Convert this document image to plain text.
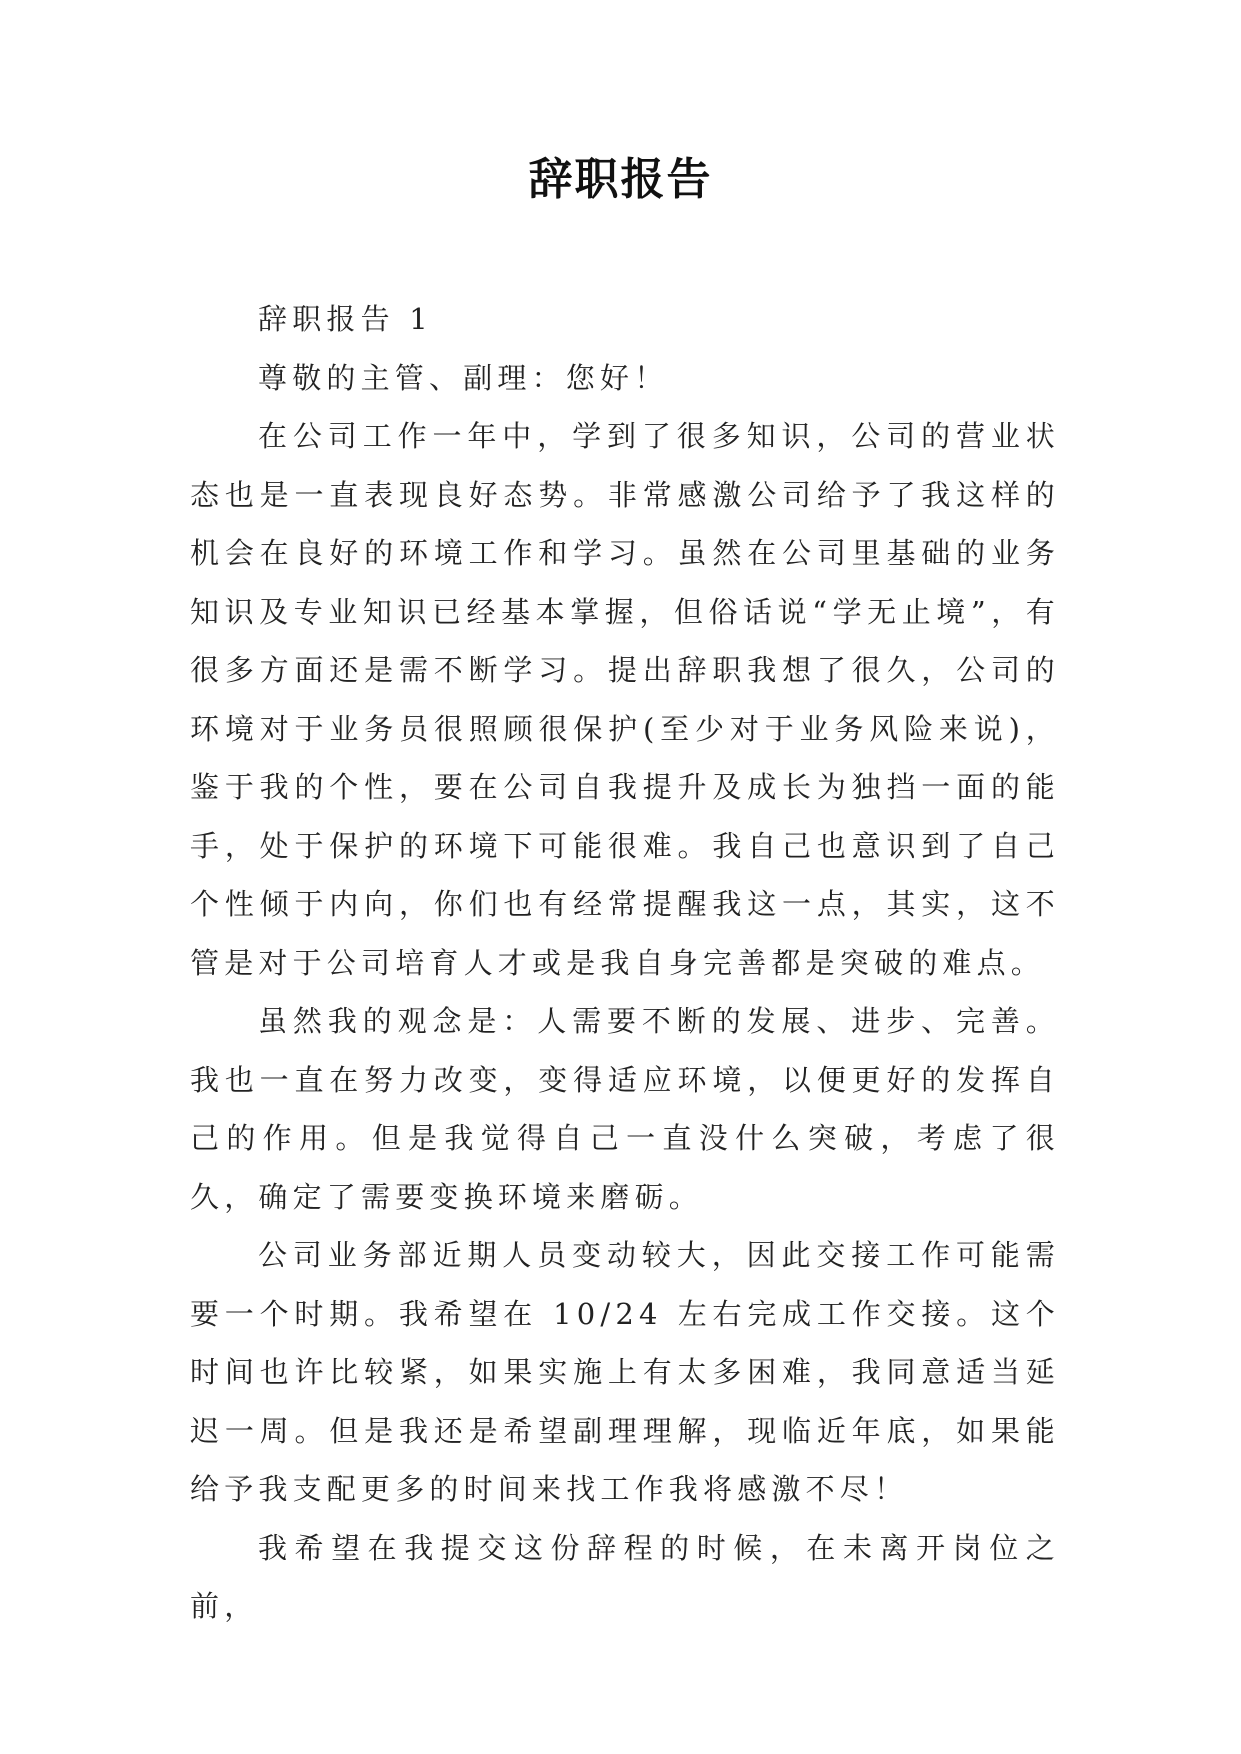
辞职报告

辞职报告 1

尊敬的主管、副理：您好！

在公司工作一年中，学到了很多知识，公司的营业状态也是一直表现良好态势。非常感激公司给予了我这样的机会在良好的环境工作和学习。虽然在公司里基础的业务知识及专业知识已经基本掌握，但俗话说“学无止境”，有很多方面还是需不断学习。提出辞职我想了很久，公司的环境对于业务员很照顾很保护(至少对于业务风险来说)，鉴于我的个性，要在公司自我提升及成长为独挡一面的能手，处于保护的环境下可能很难。我自己也意识到了自己个性倾于内向，你们也有经常提醒我这一点，其实，这不管是对于公司培育人才或是我自身完善都是突破的难点。

虽然我的观念是：人需要不断的发展、进步、完善。我也一直在努力改变，变得适应环境，以便更好的发挥自己的作用。但是我觉得自己一直没什么突破，考虑了很久，确定了需要变换环境来磨砺。

公司业务部近期人员变动较大，因此交接工作可能需要一个时期。我希望在 10/24 左右完成工作交接。这个时间也许比较紧，如果实施上有太多困难，我同意适当延迟一周。但是我还是希望副理理解，现临近年底，如果能给予我支配更多的时间来找工作我将感激不尽！

我希望在我提交这份辞程的时候，在未离开岗位之前，
